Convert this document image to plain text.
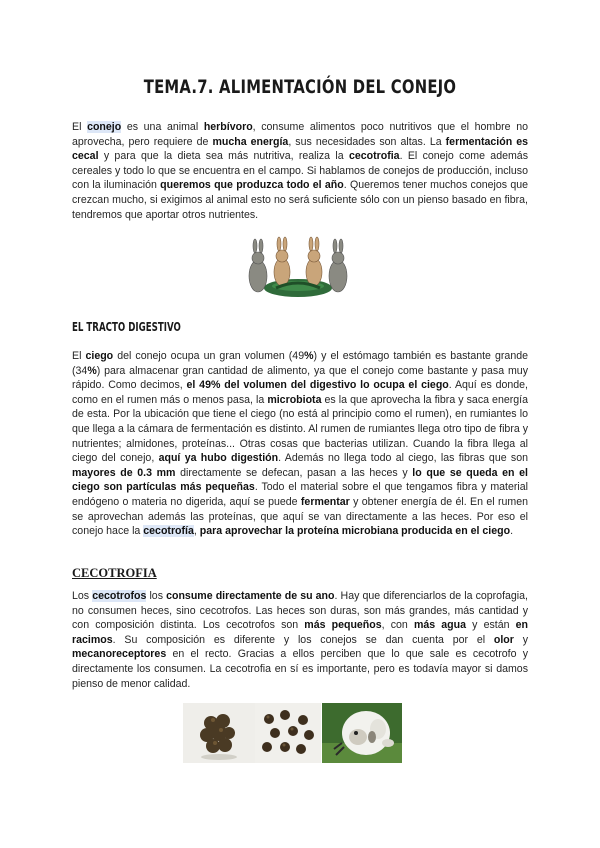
TEMA.7. ALIMENTACIÓN DEL CONEJO

El conejo es una animal herbívoro, consume alimentos poco nutritivos que el hombre no aprovecha, pero requiere de mucha energía, sus necesidades son altas. La fermentación es cecal y para que la dieta sea más nutritiva, realiza la cecotrofia. El conejo come además cereales y todo lo que se encuentra en el campo. Si hablamos de conejos de producción, incluso con la iluminación queremos que produzca todo el año. Queremos tener muchos conejos que crezcan mucho, si exigimos al animal esto no será suficiente sólo con un pienso basado en fibra, tendremos que aportar otros nutrientes.

EL TRACTO DIGESTIVO

El ciego del conejo ocupa un gran volumen (49%) y el estómago también es bastante grande (34%) para almacenar gran cantidad de alimento, ya que el conejo come bastante y pasa muy rápido. Como decimos, el 49% del volumen del digestivo lo ocupa el ciego. Aquí es donde, como en el rumen más o menos pasa, la microbiota es la que aprovecha la fibra y saca energía de esta. Por la ubicación que tiene el ciego (no está al principio como el rumen), en rumiantes lo que llega a la cámara de fermentación es distinto. Al rumen de rumiantes llega otro tipo de fibra y nutrientes; almidones, proteínas... Otras cosas que bacterias utilizan. Cuando la fibra llega al ciego del conejo, aquí ya hubo digestión. Además no llega todo al ciego, las fibras que son mayores de 0.3 mm directamente se defecan, pasan a las heces y lo que se queda en el ciego son partículas más pequeñas. Todo el material sobre el que tengamos fibra y material endógeno o materia no digerida, aquí se puede fermentar y obtener energía de él. En el rumen se aprovechan además las proteínas, que aquí se van directamente a las heces. Por eso el conejo hace la cecotrofía, para aprovechar la proteína microbiana producida en el ciego.

CECOTROFIA

Los cecotrofos los consume directamente de su ano. Hay que diferenciarlos de la coprofagia, no consumen heces, sino cecotrofos. Las heces son duras, son más grandes, más cantidad y con composición distinta. Los cecotrofos son más pequeños, con más agua y están en racimos. Su composición es diferente y los conejos se dan cuenta por el olor y mecanoreceptores en el recto. Gracias a ellos perciben que lo que sale es cecotrofo y directamente los consumen. La cecotrofia en sí es importante, pero es todavía mayor si damos pienso de menor calidad.
